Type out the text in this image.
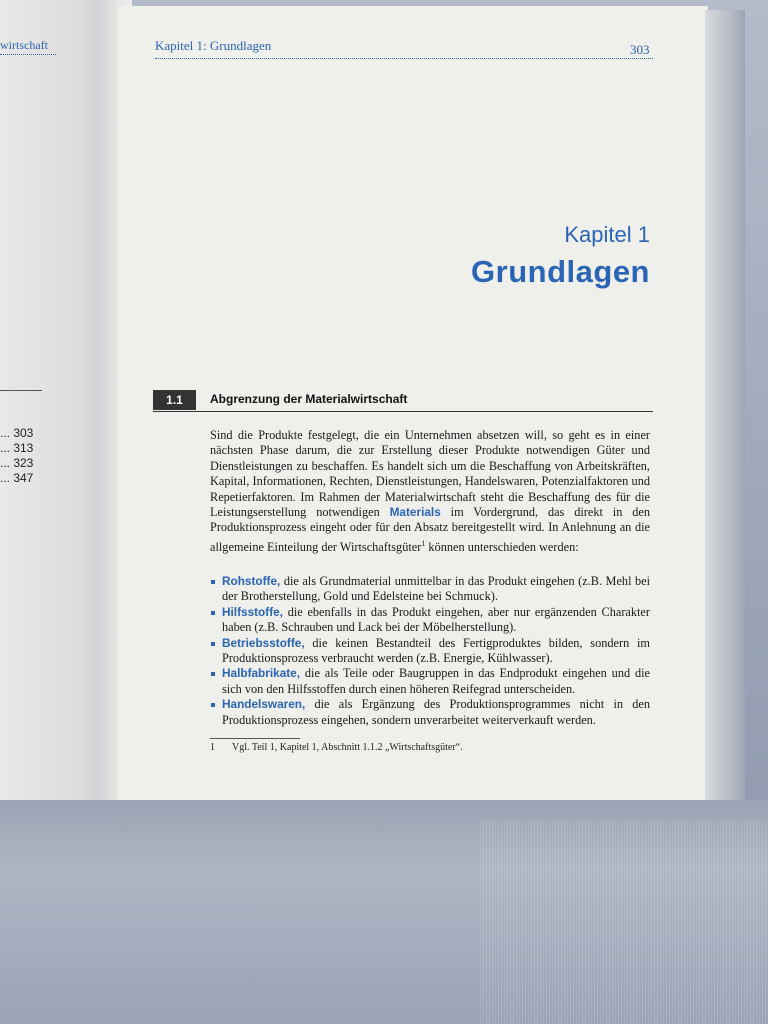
wirtschaft
... 303
... 313
... 323
... 347
Kapitel 1: Grundlagen	303
Kapitel 1
Grundlagen
1.1	Abgrenzung der Materialwirtschaft
Sind die Produkte festgelegt, die ein Unternehmen absetzen will, so geht es in einer nächsten Phase darum, die zur Erstellung dieser Produkte notwendigen Güter und Dienstleistungen zu beschaffen. Es handelt sich um die Beschaffung von Arbeitskräften, Kapital, Informationen, Rechten, Dienstleistungen, Handelswaren, Potenzialfaktoren und Repetierfaktoren. Im Rahmen der Materialwirtschaft steht die Beschaffung des für die Leistungserstellung notwendigen Materials im Vordergrund, das direkt in den Produktionsprozess eingeht oder für den Absatz bereitgestellt wird. In Anlehnung an die allgemeine Einteilung der Wirtschaftsgüter$^1$ können unterschieden werden:
Rohstoffe, die als Grundmaterial unmittelbar in das Produkt eingehen (z.B. Mehl bei der Brotherstellung, Gold und Edelsteine bei Schmuck).
Hilfsstoffe, die ebenfalls in das Produkt eingehen, aber nur ergänzenden Charakter haben (z.B. Schrauben und Lack bei der Möbelherstellung).
Betriebsstoffe, die keinen Bestandteil des Fertigproduktes bilden, sondern im Produktionsprozess verbraucht werden (z.B. Energie, Kühlwasser).
Halbfabrikate, die als Teile oder Baugruppen in das Endprodukt eingehen und die sich von den Hilfsstoffen durch einen höheren Reifegrad unterscheiden.
Handelswaren, die als Ergänzung des Produktionsprogrammes nicht in den Produktionsprozess eingehen, sondern unverarbeitet weiterverkauft werden.
1 Vgl. Teil 1, Kapitel 1, Abschnitt 1.1.2 „Wirtschaftsgüter“.
